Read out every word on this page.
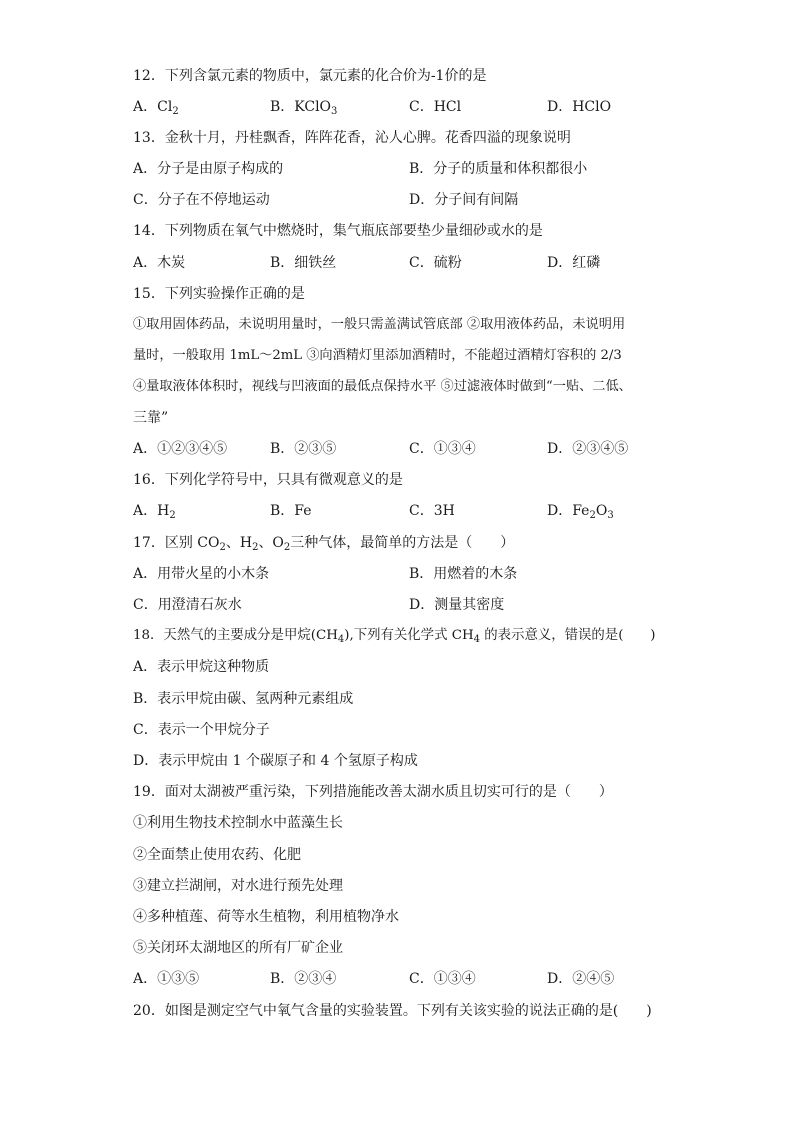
12．下列含氯元素的物质中，氯元素的化合价为-1价的是
A．$Cl_2$	B．KClO$_3$	C．HCl	D．HClO
13．金秋十月，丹桂飘香，阵阵花香，沁人心脾。花香四溢的现象说明
A．分子是由原子构成的	B．分子的质量和体积都很小
C．分子在不停地运动	D．分子间有间隔
14．下列物质在氧气中燃烧时，集气瓶底部要垫少量细砂或水的是
A．木炭	B．细铁丝	C．硫粉	D．红磷
15．下列实验操作正确的是
①取用固体药品，未说明用量时，一般只需盖满试管底部 ②取用液体药品，未说明用
量时，一般取用 1mL～2mL ③向酒精灯里添加酒精时，不能超过酒精灯容积的 2/3
④量取液体体积时，视线与凹液面的最低点保持水平 ⑤过滤液体时做到“一贴、二低、
三靠”
A．①②③④⑤	B．②③⑤	C．①③④	D．②③④⑤
16．下列化学符号中，只具有微观意义的是
A．$H_2$	B．Fe	C．3H	D．$Fe_2O_3$
17．区别 $CO_2$、$H_2$、$O_2$三种气体，最简单的方法是（　　）
A．用带火星的小木条	B．用燃着的木条
C．用澄清石灰水	D．测量其密度
18．天然气的主要成分是甲烷$(CH_4)$,下列有关化学式 $CH_4$ 的表示意义，错误的是(　　)
A．表示甲烷这种物质
B．表示甲烷由碳、氢两种元素组成
C．表示一个甲烷分子
D．表示甲烷由 1 个碳原子和 4 个氢原子构成
19．面对太湖被严重污染，下列措施能改善太湖水质且切实可行的是（　　）
①利用生物技术控制水中蓝藻生长
②全面禁止使用农药、化肥
③建立拦湖闸，对水进行预先处理
④多种植莲、荷等水生植物，利用植物净水
⑤关闭环太湖地区的所有厂矿企业
A．①③⑤	B．②③④	C．①③④	D．②④⑤
20．如图是测定空气中氧气含量的实验装置。下列有关该实验的说法正确的是(　　)
